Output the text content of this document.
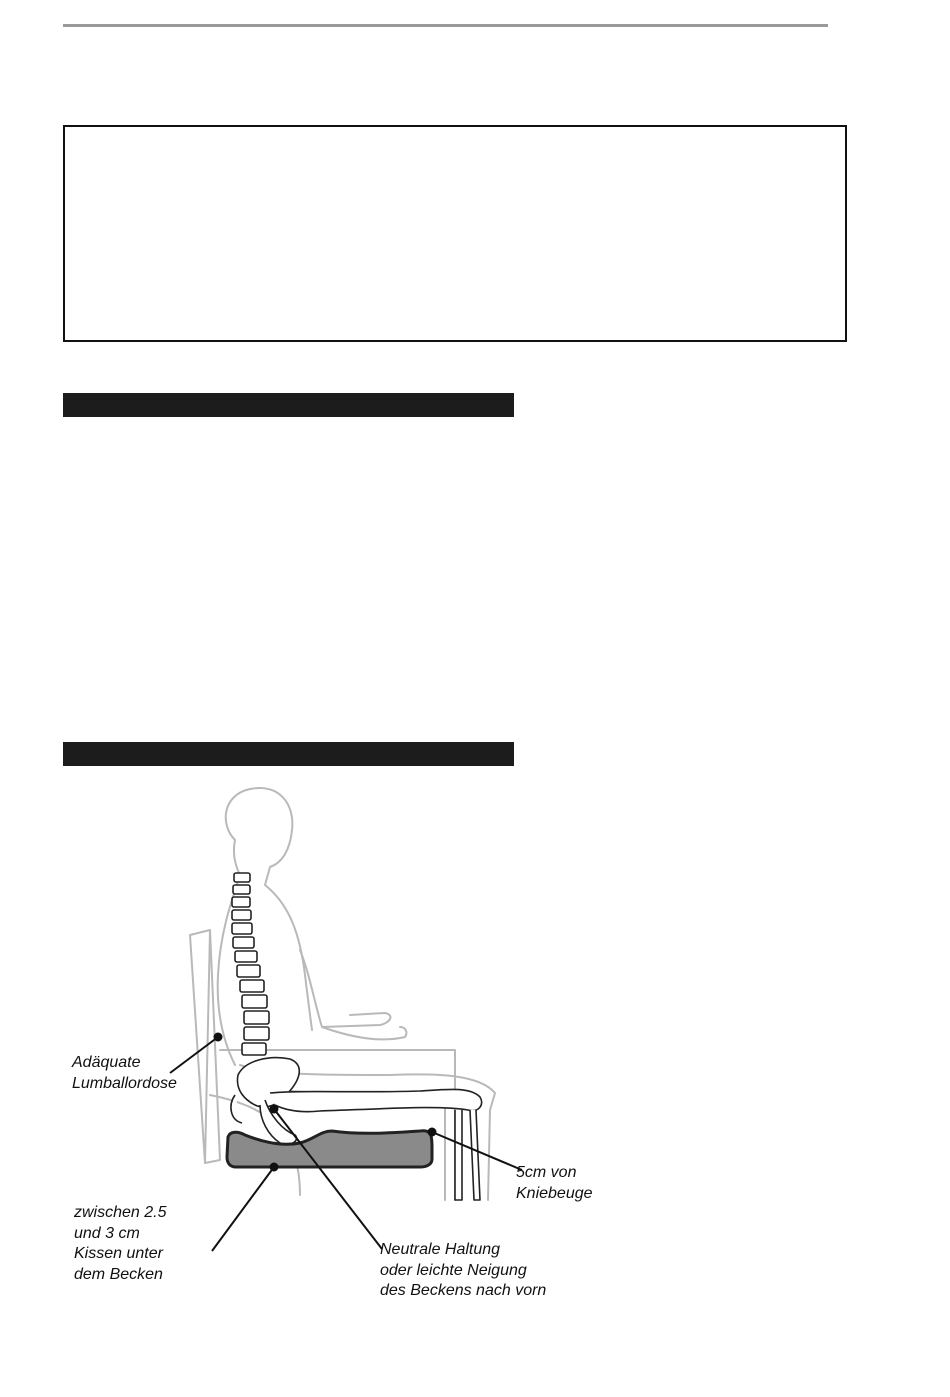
Adäquate
Lumballordose
5cm von
Kniebeuge
zwischen 2.5
und 3 cm
Kissen unter
dem Becken
Neutrale Haltung
oder leichte Neigung
des Beckens nach vorn
